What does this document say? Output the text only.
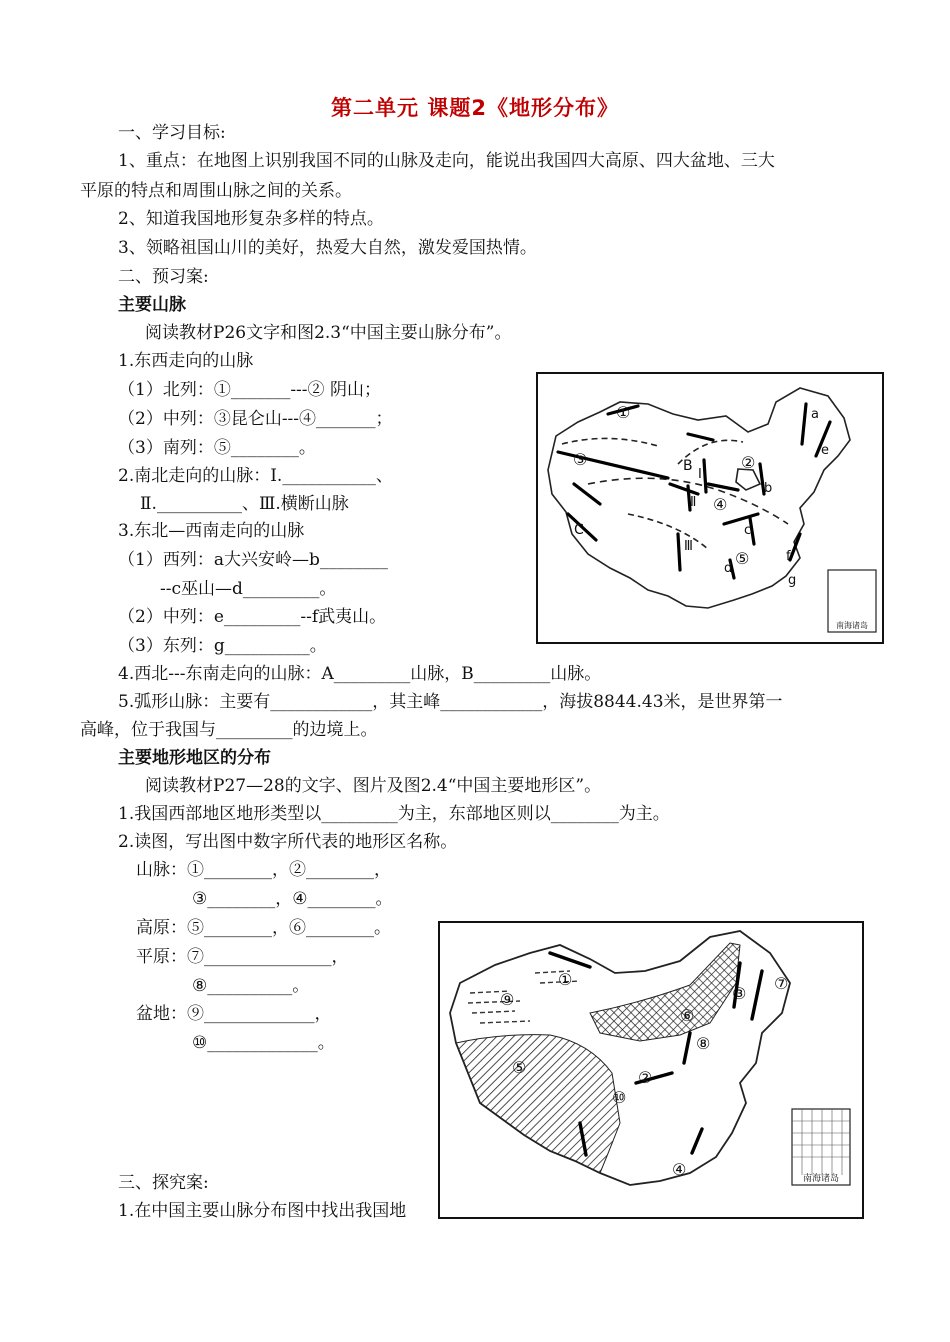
第二单元 课题2《地形分布》
一、学习目标:
1、重点：在地图上识别我国不同的山脉及走向，能说出我国四大高原、四大盆地、三大
平原的特点和周围山脉之间的关系。
2、知道我国地形复杂多样的特点。
3、领略祖国山川的美好，热爱大自然，激发爱国热情。
二、预习案:
主要山脉
阅读教材P26文字和图2.3“中国主要山脉分布”。
1.东西走向的山脉
（1）北列：①_______---② 阴山；
（2）中列：③昆仑山---④_______；
（3）南列：⑤________。
2.南北走向的山脉：Ⅰ.___________、
Ⅱ.__________、Ⅲ.横断山脉
3.东北—西南走向的山脉
（1）西列：a大兴安岭—b________
--c巫山—d_________。
（2）中列：e_________--f武夷山。
（3）东列：g__________。
4.西北---东南走向的山脉：A_________山脉，B_________山脉。
5.弧形山脉：主要有____________，其主峰____________，海拔8844.43米，是世界第一
高峰，位于我国与_________的边境上。
主要地形地区的分布
阅读教材P27—28的文字、图片及图2.4“中国主要地形区”。
1.我国西部地区地形类型以_________为主，东部地区则以________为主。
2.读图，写出图中数字所代表的地形区名称。
山脉：①________，②________，
③________，④________。
高原：⑤________，⑥________。
平原：⑦_______________，
⑧__________。
盆地：⑨_____________，
⑩_____________。
三、探究案:
1.在中国主要山脉分布图中找出我国地
①
②
③
④
⑤
a
b
c
d
e
f
g
B
C
Ⅰ
Ⅱ
Ⅲ
南海诸岛
①
②
③
④
⑤
⑥
⑦
⑧
⑨
⑩
南海诸岛
